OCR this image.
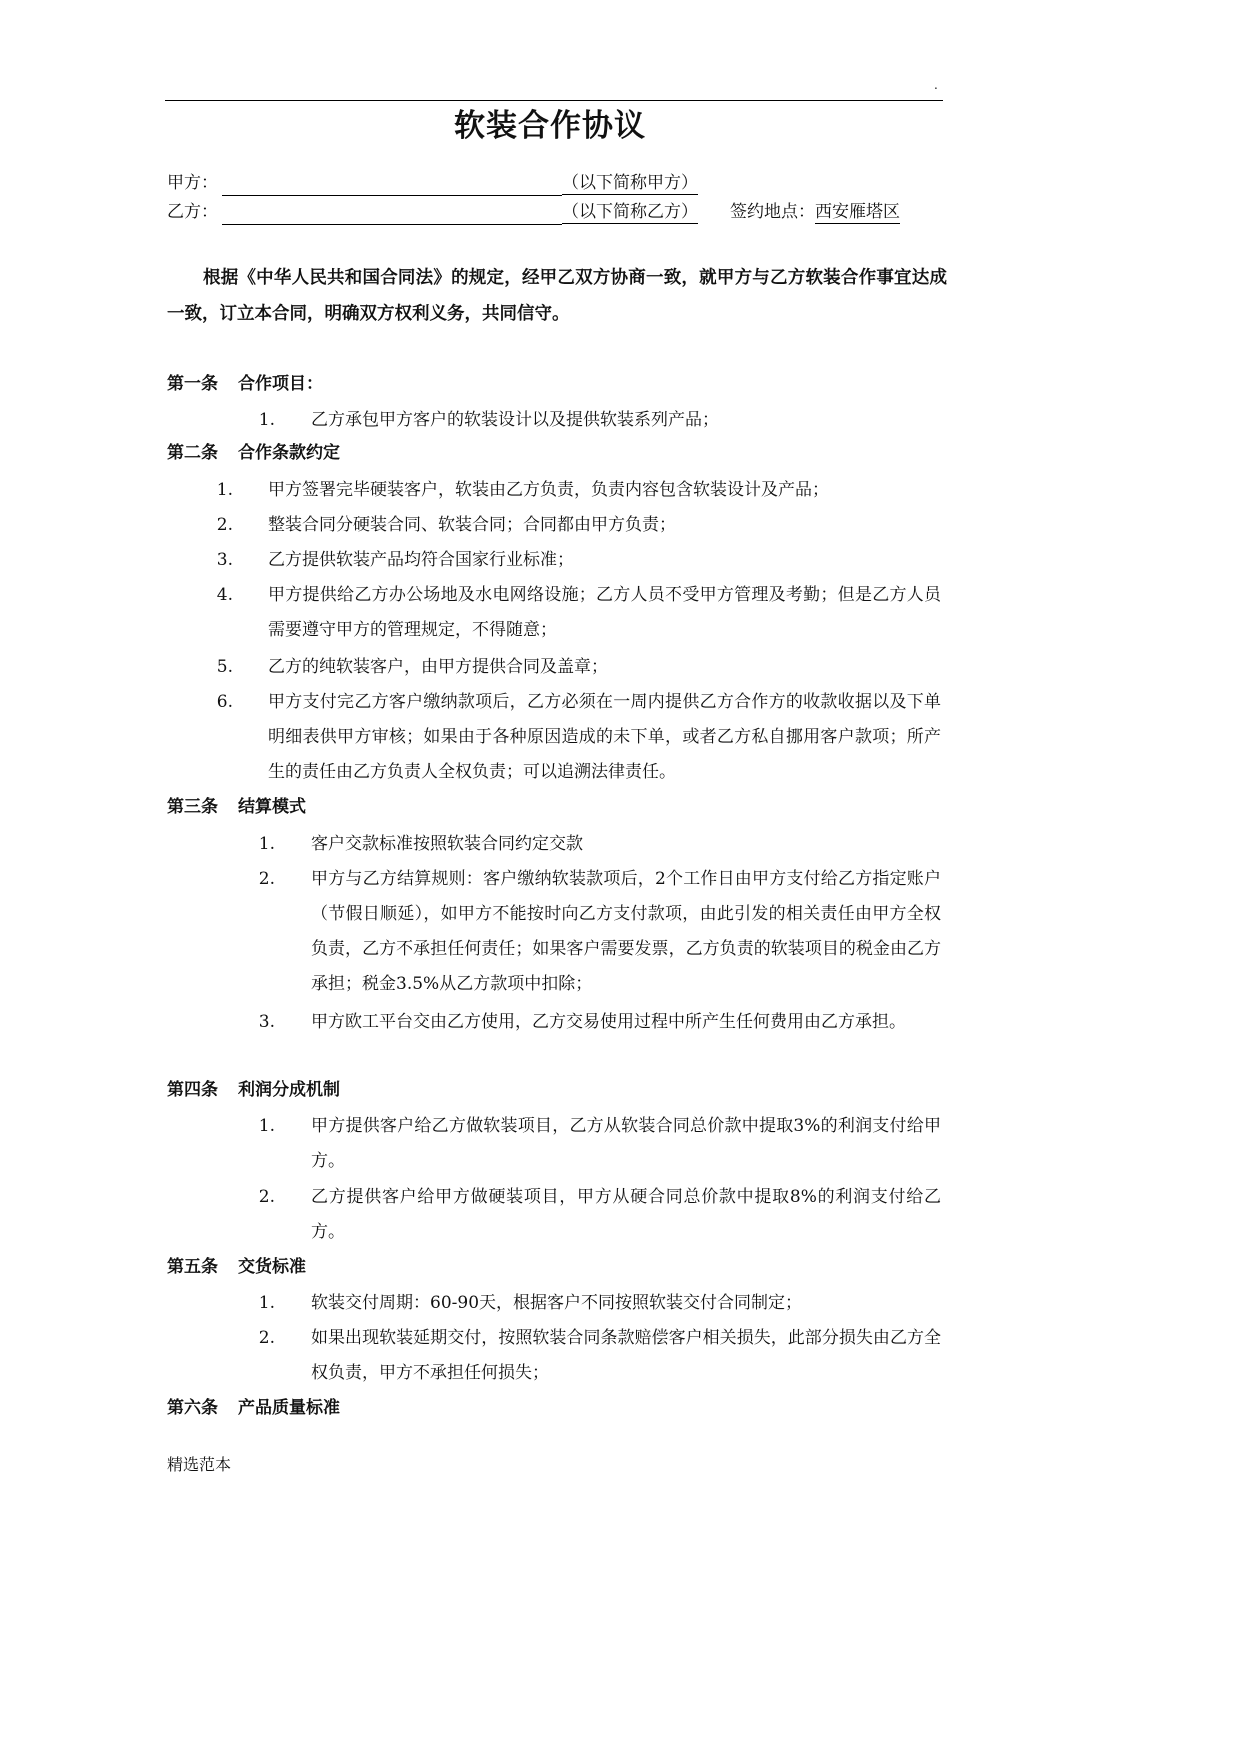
.
软装合作协议
甲方：	（以下简称甲方）
乙方：	（以下简称乙方） 签约地点：西安雁塔区
根据《中华人民共和国合同法》的规定，经甲乙双方协商一致，就甲方与乙方软装合作事宜达成一致，订立本合同，明确双方权利义务，共同信守。
第一条 合作项目：
1. 乙方承包甲方客户的软装设计以及提供软装系列产品；
第二条 合作条款约定
1. 甲方签署完毕硬装客户，软装由乙方负责，负责内容包含软装设计及产品；
2. 整装合同分硬装合同、软装合同；合同都由甲方负责；
3. 乙方提供软装产品均符合国家行业标准；
4. 甲方提供给乙方办公场地及水电网络设施；乙方人员不受甲方管理及考勤；但是乙方人员需要遵守甲方的管理规定，不得随意；
5. 乙方的纯软装客户，由甲方提供合同及盖章；
6. 甲方支付完乙方客户缴纳款项后，乙方必须在一周内提供乙方合作方的收款收据以及下单明细表供甲方审核；如果由于各种原因造成的未下单，或者乙方私自挪用客户款项；所产生的责任由乙方负责人全权负责；可以追溯法律责任。
第三条 结算模式
1. 客户交款标准按照软装合同约定交款
2. 甲方与乙方结算规则：客户缴纳软装款项后，2个工作日由甲方支付给乙方指定账户（节假日顺延），如甲方不能按时向乙方支付款项，由此引发的相关责任由甲方全权负责，乙方不承担任何责任；如果客户需要发票，乙方负责的软装项目的税金由乙方承担；税金3.5%从乙方款项中扣除；
3. 甲方欧工平台交由乙方使用，乙方交易使用过程中所产生任何费用由乙方承担。
第四条 利润分成机制
1. 甲方提供客户给乙方做软装项目，乙方从软装合同总价款中提取3%的利润支付给甲方。
2. 乙方提供客户给甲方做硬装项目，甲方从硬合同总价款中提取8%的利润支付给乙方。
第五条 交货标准
1. 软装交付周期：60-90天，根据客户不同按照软装交付合同制定；
2. 如果出现软装延期交付，按照软装合同条款赔偿客户相关损失，此部分损失由乙方全权负责，甲方不承担任何损失；
第六条 产品质量标准
精选范本
